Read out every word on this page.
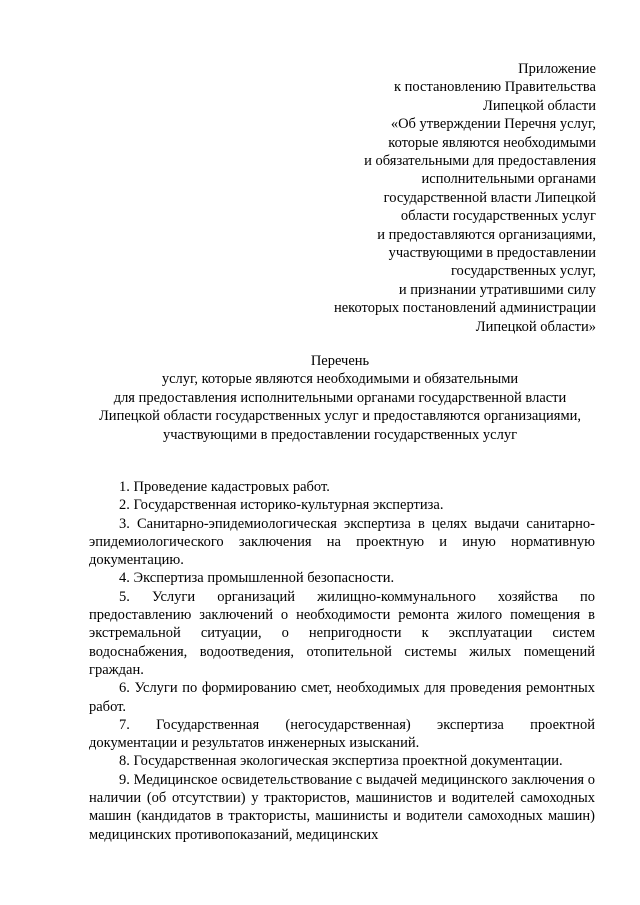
Приложение
к постановлению Правительства
Липецкой области
«Об утверждении Перечня услуг,
которые являются необходимыми
и обязательными для предоставления
исполнительными органами
государственной власти Липецкой
области государственных услуг
и предоставляются организациями,
участвующими в предоставлении
государственных услуг,
и признании утратившими силу
некоторых постановлений администрации
Липецкой области»
Перечень
услуг, которые являются необходимыми и обязательными
для предоставления исполнительными органами государственной власти
Липецкой области государственных услуг и предоставляются организациями,
участвующими в предоставлении государственных услуг

1. Проведение кадастровых работ.

2. Государственная историко-культурная экспертиза.

3. Санитарно-эпидемиологическая экспертиза в целях выдачи санитарно-эпидемиологического заключения на проектную и иную нормативную документацию.

4. Экспертиза промышленной безопасности.

5. Услуги организаций жилищно-коммунального хозяйства по предоставлению заключений о необходимости ремонта жилого помещения в экстремальной ситуации, о непригодности к эксплуатации систем водоснабжения, водоотведения, отопительной системы жилых помещений граждан.

6. Услуги по формированию смет, необходимых для проведения ремонтных работ.

7. Государственная (негосударственная) экспертиза проектной документации и результатов инженерных изысканий.

8. Государственная экологическая экспертиза проектной документации.

9. Медицинское освидетельствование с выдачей медицинского заключения о наличии (об отсутствии) у трактористов, машинистов и водителей самоходных машин (кандидатов в трактористы, машинисты и водители самоходных машин) медицинских противопоказаний, медицинских
